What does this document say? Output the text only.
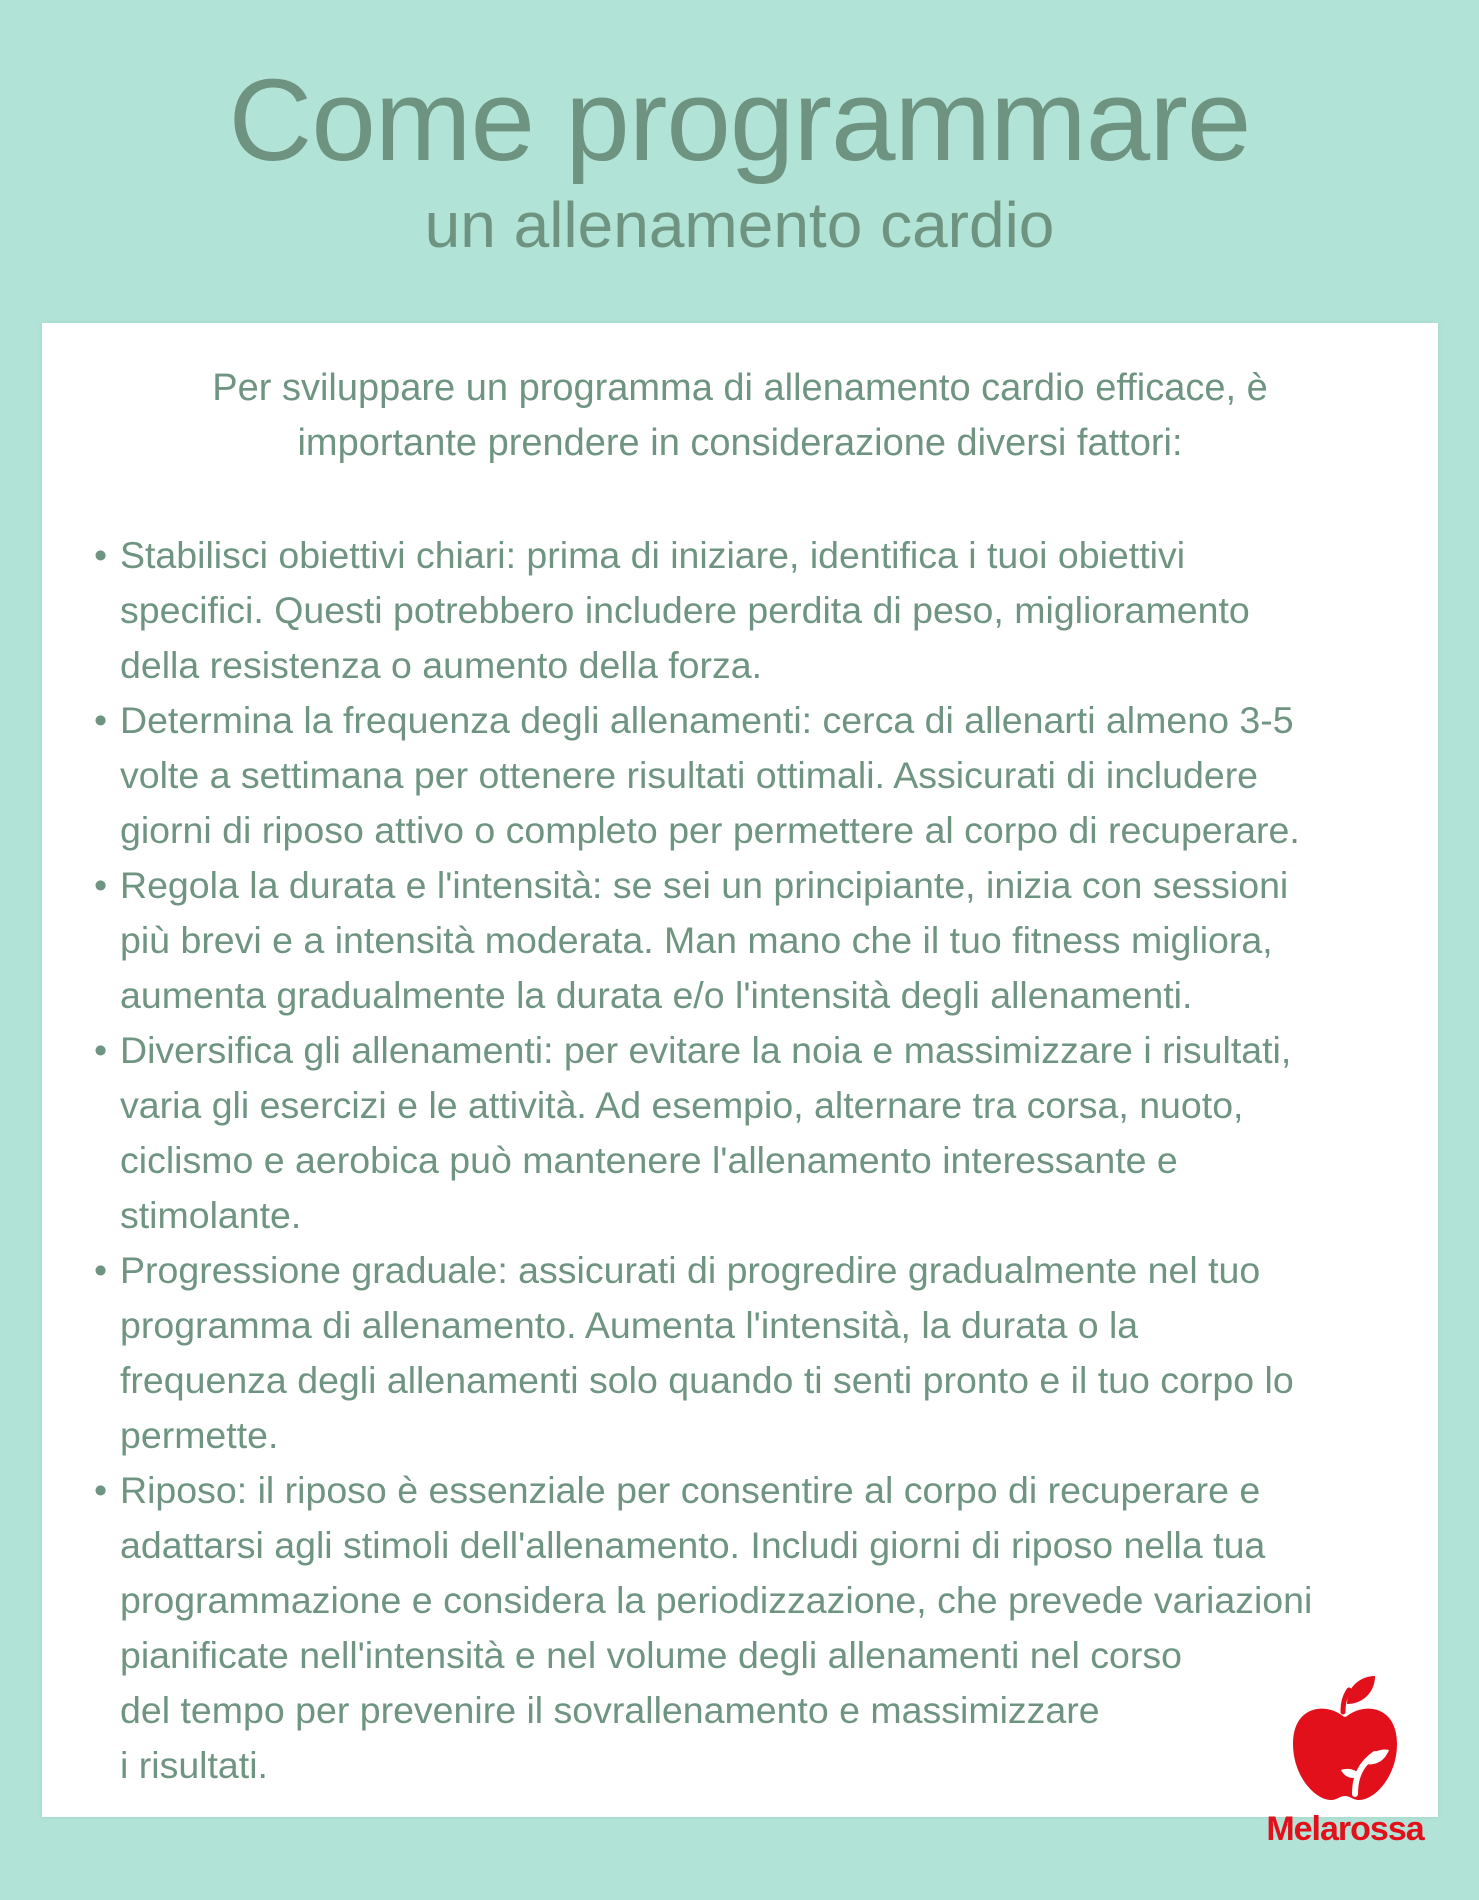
Come programmare
un allenamento cardio

Per sviluppare un programma di allenamento cardio efficace, è
importante prendere in considerazione diversi fattori:

• Stabilisci obiettivi chiari: prima di iniziare, identifica i tuoi obiettivi
specifici. Questi potrebbero includere perdita di peso, miglioramento
della resistenza o aumento della forza.
• Determina la frequenza degli allenamenti: cerca di allenarti almeno 3-5
volte a settimana per ottenere risultati ottimali. Assicurati di includere
giorni di riposo attivo o completo per permettere al corpo di recuperare.
• Regola la durata e l'intensità: se sei un principiante, inizia con sessioni
più brevi e a intensità moderata. Man mano che il tuo fitness migliora,
aumenta gradualmente la durata e/o l'intensità degli allenamenti.
• Diversifica gli allenamenti: per evitare la noia e massimizzare i risultati,
varia gli esercizi e le attività. Ad esempio, alternare tra corsa, nuoto,
ciclismo e aerobica può mantenere l'allenamento interessante e
stimolante.
• Progressione graduale: assicurati di progredire gradualmente nel tuo
programma di allenamento. Aumenta l'intensità, la durata o la
frequenza degli allenamenti solo quando ti senti pronto e il tuo corpo lo
permette.
• Riposo: il riposo è essenziale per consentire al corpo di recuperare e
adattarsi agli stimoli dell'allenamento. Includi giorni di riposo nella tua
programmazione e considera la periodizzazione, che prevede variazioni
pianificate nell'intensità e nel volume degli allenamenti nel corso
del tempo per prevenire il sovrallenamento e massimizzare
i risultati.
Melarossa
